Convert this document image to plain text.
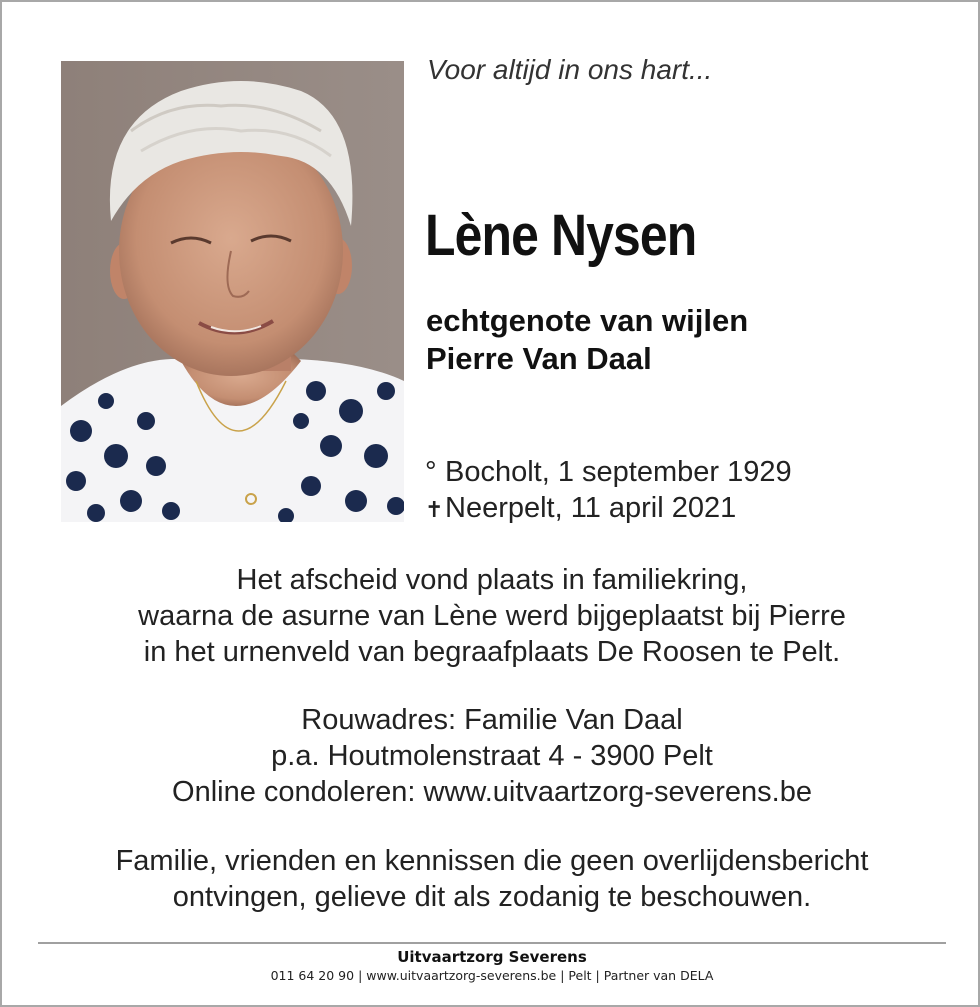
Voor altijd in ons hart...
Lène Nysen
echtgenote van wijlen
Pierre Van Daal
° Bocholt, 1 september 1929
✝Neerpelt, 11 april 2021
Het afscheid vond plaats in familiekring,
waarna de asurne van Lène werd bijgeplaatst bij Pierre
in het urnenveld van begraafplaats De Roosen te Pelt.
Rouwadres: Familie Van Daal
p.a. Houtmolenstraat 4 - 3900 Pelt
Online condoleren: www.uitvaartzorg-severens.be
Familie, vrienden en kennissen die geen overlijdensbericht
ontvingen, gelieve dit als zodanig te beschouwen.
Uitvaartzorg Severens
011 64 20 90 | www.uitvaartzorg-severens.be | Pelt | Partner van DELA
